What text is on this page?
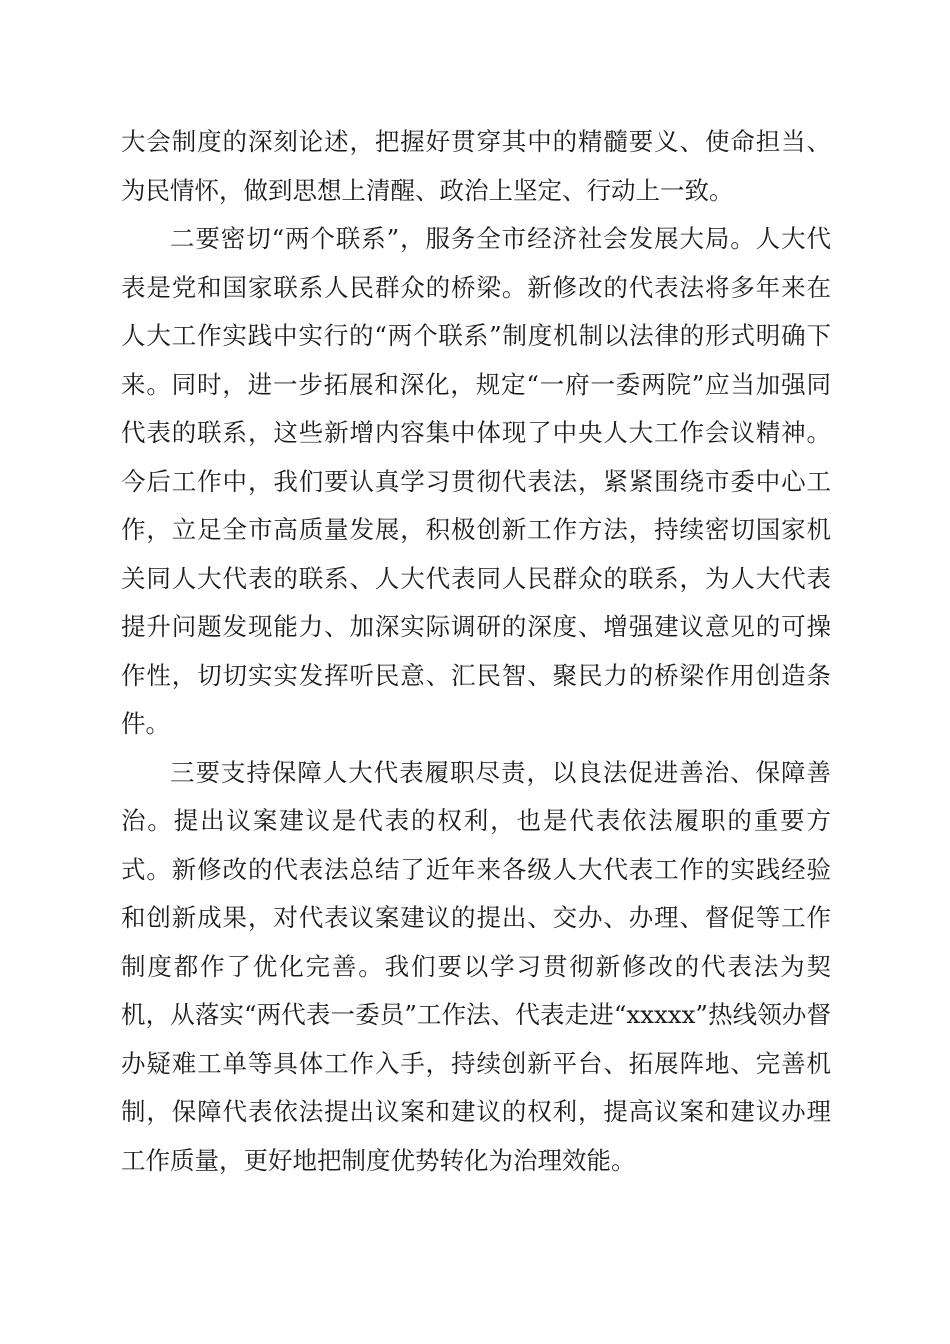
大会制度的深刻论述，把握好贯穿其中的精髓要义、使命担当、为民情怀，做到思想上清醒、政治上坚定、行动上一致。

二要密切“两个联系”，服务全市经济社会发展大局。人大代表是党和国家联系人民群众的桥梁。新修改的代表法将多年来在人大工作实践中实行的“两个联系”制度机制以法律的形式明确下来。同时，进一步拓展和深化，规定“一府一委两院”应当加强同代表的联系，这些新增内容集中体现了中央人大工作会议精神。今后工作中，我们要认真学习贯彻代表法，紧紧围绕市委中心工作，立足全市高质量发展，积极创新工作方法，持续密切国家机关同人大代表的联系、人大代表同人民群众的联系，为人大代表提升问题发现能力、加深实际调研的深度、增强建议意见的可操作性，切切实实发挥听民意、汇民智、聚民力的桥梁作用创造条件。

三要支持保障人大代表履职尽责，以良法促进善治、保障善治。提出议案建议是代表的权利，也是代表依法履职的重要方式。新修改的代表法总结了近年来各级人大代表工作的实践经验和创新成果，对代表议案建议的提出、交办、办理、督促等工作制度都作了优化完善。我们要以学习贯彻新修改的代表法为契机，从落实“两代表一委员”工作法、代表走进“xxxxx”热线领办督办疑难工单等具体工作入手，持续创新平台、拓展阵地、完善机制，保障代表依法提出议案和建议的权利，提高议案和建议办理工作质量，更好地把制度优势转化为治理效能。
